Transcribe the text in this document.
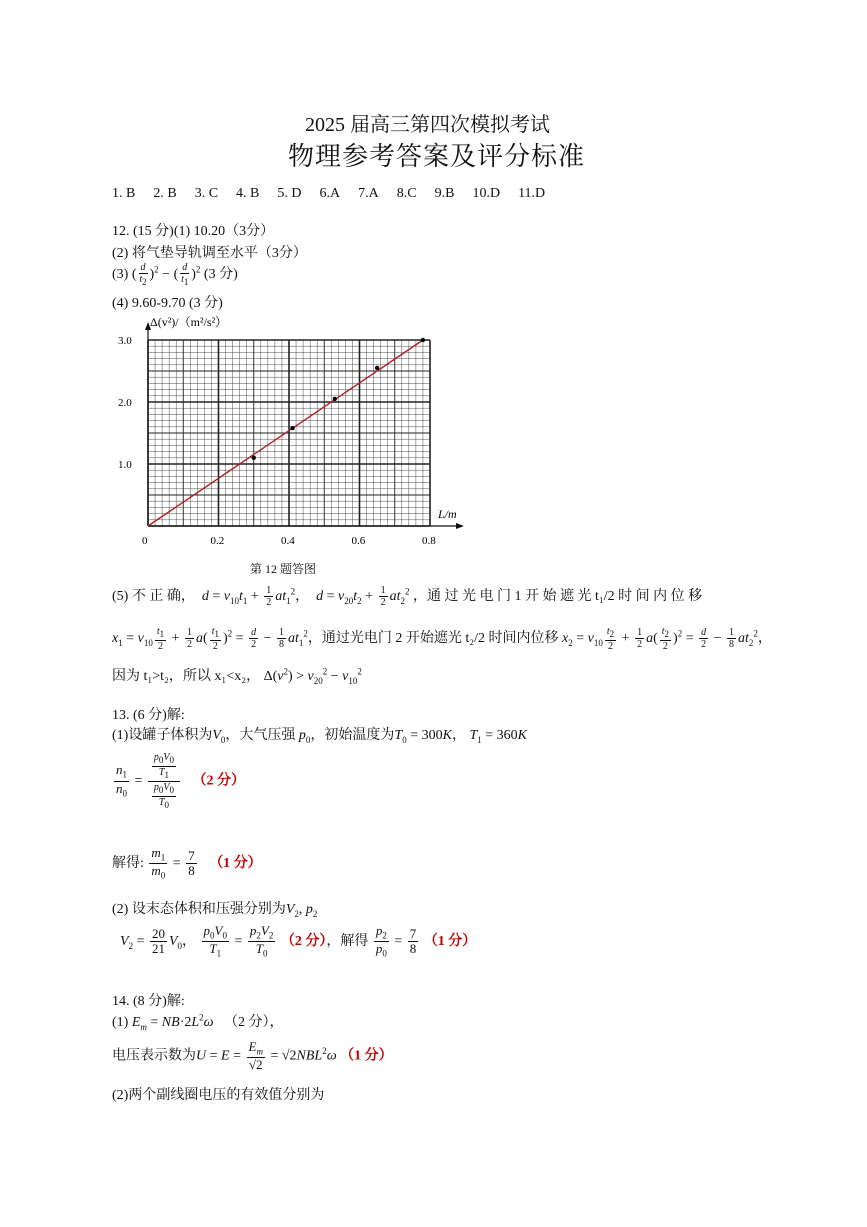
2025 届高三第四次模拟考试
物理参考答案及评分标准
1. B 2. B 3. C 4. B 5. D 6.A 7.A 8.C 9.B 10.D 11.D
12. (15 分)(1) 10.20（3分）
(2) 将气垫导轨调至水平（3分）
(3) ( $\frac{d}{t_2} )^2$ − ( $\frac{d}{t_1} )^2$ (3 分)
(4) 9.60-9.70 (3 分)
0	0.2	0.4	0.6	0.8
1.0
2.0
3.0
L/m
Δ(v²)/（m²/s²）
第 12 题答图
(5) 不 正 确， $d = v_{10}t_1 + \frac{1}{2} at_1^2$，  $d = v_{20}t_2 + \frac{1}{2} at_2^2$ ，通 过 光 电 门 1 开 始 遮 光 t₁/2 时 间 内 位 移
$x_1 = v_{10} \frac{t_1}{2} + \frac{1}{2} a( \frac{t_1}{2} )^2 = \frac{d}{2} - \frac{1}{8} at_1^2$，通过光电门 2 开始遮光 t₂/2 时间内位移 $x_2 = v_{10} \frac{t_2}{2} + \frac{1}{2} a( \frac{t_2}{2} )^2 = \frac{d}{2} - \frac{1}{8} at_2^2$，
因为 t₁>t₂，所以 x₁<x₂， $\Delta(v^2) > v_{20}^2 - v_{10}^2$
13. (6 分)解:
(1)设罐子体积为$V_0$，大气压强 $p_0$，初始温度为$T_0 = 300K$， $T_1 = 360K$
$\frac{n_1}{n_0} = \frac{\frac{p_0V_0}{T_1}}{\frac{p_0V_0}{T_0}} (2$ 分）
解得: $\frac{m_1}{m_0} = \frac{7}{8} (1$ 分）
(2) 设末态体积和压强分别为$V_2$, $p_2$
$V_2 = \frac{20}{21} V_0$， $\frac{p_0V_0}{T_1} = \frac{p_2V_2}{T_0} (2$ 分），解得 $\frac{p_2}{p_0} = \frac{7}{8} (1$ 分）
14. (8 分)解:
(1) $E_m = NB\cdot 2L^2\omega$ （2 分），
电压表示数为$U = E = \frac{E_m}{√2} = √2NBL^2\omega$ （1 分）
(2)两个副线圈电压的有效值分别为
